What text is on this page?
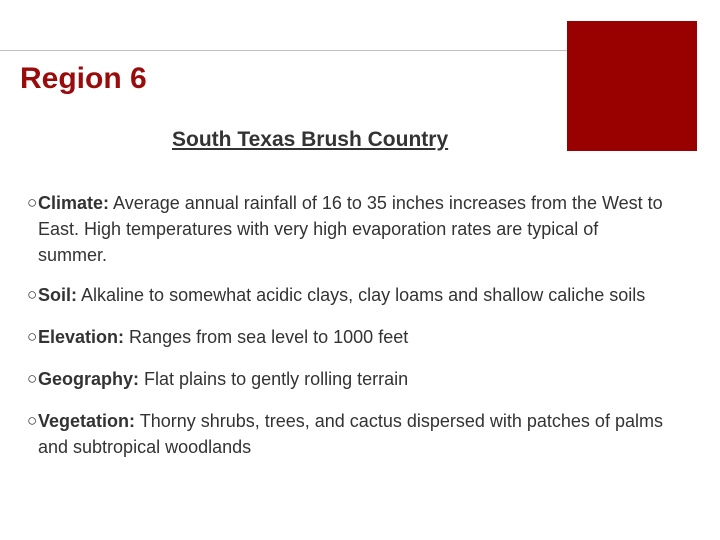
Region 6
South Texas Brush Country
○ Climate: Average annual rainfall of 16 to 35 inches increases from the West to East. High temperatures with very high evaporation rates are typical of summer.
○ Soil: Alkaline to somewhat acidic clays, clay loams and shallow caliche soils
○ Elevation: Ranges from sea level to 1000 feet
○ Geography: Flat plains to gently rolling terrain
○ Vegetation: Thorny shrubs, trees, and cactus dispersed with patches of palms and subtropical woodlands
